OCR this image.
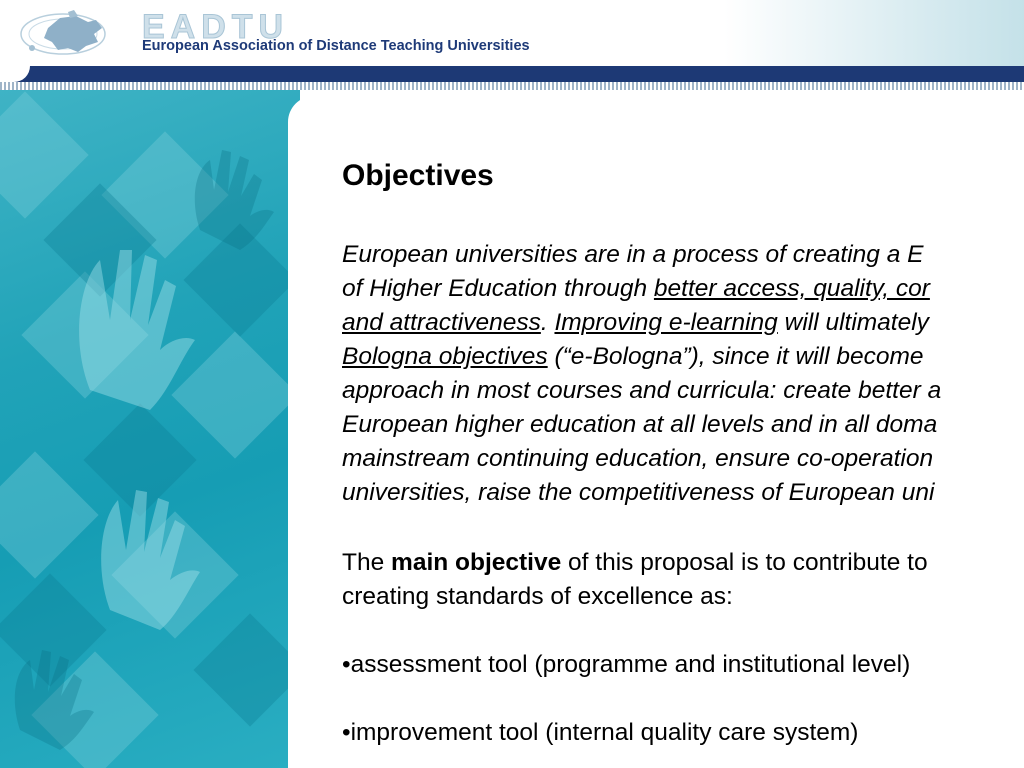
EADTU
European Association of Distance Teaching Universities
Objectives
European universities are in a process of creating a E
of Higher Education through better access, quality, cor
and attractiveness. Improving e-learning will ultimately
Bologna objectives (“e-Bologna”), since it will become
approach in most courses and curricula: create better a
European higher education at all levels and in all doma
mainstream continuing education, ensure co-operation
universities, raise the competitiveness of European uni
The main objective of this proposal is to contribute to
creating standards of excellence as:
•assessment tool (programme and institutional level)
•improvement tool (internal quality care system)
